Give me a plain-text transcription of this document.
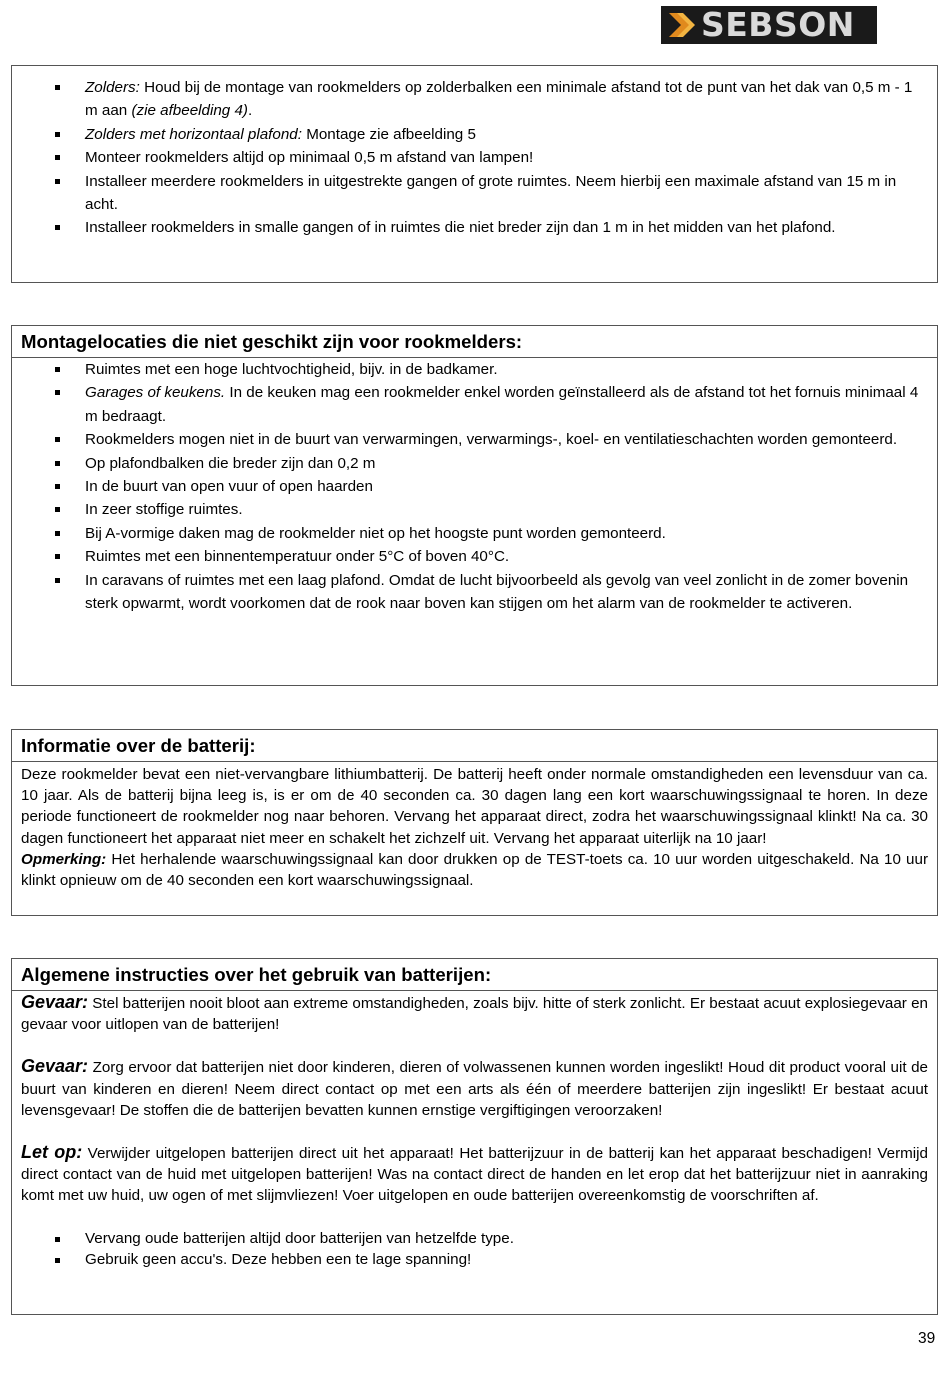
SEBSON
Zolders: Houd bij de montage van rookmelders op zolderbalken een minimale afstand tot de punt van het dak van 0,5 m - 1 m aan (zie afbeelding 4).
Zolders met horizontaal plafond: Montage zie afbeelding 5
Monteer rookmelders altijd op minimaal 0,5 m afstand van lampen!
Installeer meerdere rookmelders in uitgestrekte gangen of grote ruimtes. Neem hierbij een maximale afstand van 15 m in acht.
Installeer rookmelders in smalle gangen of in ruimtes die niet breder zijn dan 1 m in het midden van het plafond.
Montagelocaties die niet geschikt zijn voor rookmelders:
Ruimtes met een hoge luchtvochtigheid, bijv. in de badkamer.
Garages of keukens. In de keuken mag een rookmelder enkel worden geïnstalleerd als de afstand tot het fornuis minimaal 4 m bedraagt.
Rookmelders mogen niet in de buurt van verwarmingen, verwarmings-, koel- en ventilatieschachten worden gemonteerd.
Op plafondbalken die breder zijn dan 0,2 m
In de buurt van open vuur of open haarden
In zeer stoffige ruimtes.
Bij A-vormige daken mag de rookmelder niet op het hoogste punt worden gemonteerd.
Ruimtes met een binnentemperatuur onder 5°C of boven 40°C.
In caravans of ruimtes met een laag plafond. Omdat de lucht bijvoorbeeld als gevolg van veel zonlicht in de zomer bovenin sterk opwarmt, wordt voorkomen dat de rook naar boven kan stijgen om het alarm van de rookmelder te activeren.
Informatie over de batterij:
Deze rookmelder bevat een niet-vervangbare lithiumbatterij. De batterij heeft onder normale omstandigheden een levensduur van ca. 10 jaar. Als de batterij bijna leeg is, is er om de 40 seconden ca. 30 dagen lang een kort waarschuwingssignaal te horen. In deze periode functioneert de rookmelder nog naar behoren. Vervang het apparaat direct, zodra het waarschuwingssignaal klinkt! Na ca. 30 dagen functioneert het apparaat niet meer en schakelt het zichzelf uit. Vervang het apparaat uiterlijk na 10 jaar!
Opmerking: Het herhalende waarschuwingssignaal kan door drukken op de TEST-toets ca. 10 uur worden uitgeschakeld. Na 10 uur klinkt opnieuw om de 40 seconden een kort waarschuwingssignaal.
Algemene instructies over het gebruik van batterijen:
Gevaar: Stel batterijen nooit bloot aan extreme omstandigheden, zoals bijv. hitte of sterk zonlicht. Er bestaat acuut explosiegevaar en gevaar voor uitlopen van de batterijen!
Gevaar: Zorg ervoor dat batterijen niet door kinderen, dieren of volwassenen kunnen worden ingeslikt! Houd dit product vooral uit de buurt van kinderen en dieren! Neem direct contact op met een arts als één of meerdere batterijen zijn ingeslikt! Er bestaat acuut levensgevaar! De stoffen die de batterijen bevatten kunnen ernstige vergiftigingen veroorzaken!
Let op: Verwijder uitgelopen batterijen direct uit het apparaat! Het batterijzuur in de batterij kan het apparaat beschadigen! Vermijd direct contact van de huid met uitgelopen batterijen! Was na contact direct de handen en let erop dat het batterijzuur niet in aanraking komt met uw huid, uw ogen of met slijmvliezen! Voer uitgelopen en oude batterijen overeenkomstig de voorschriften af.
Vervang oude batterijen altijd door batterijen van hetzelfde type.
Gebruik geen accu's. Deze hebben een te lage spanning!
39
